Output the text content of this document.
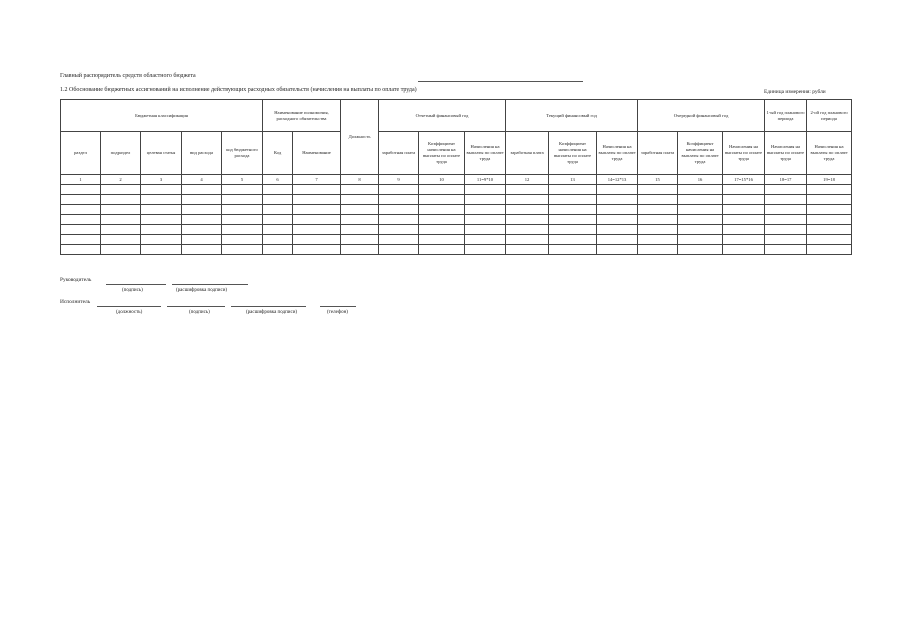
Главный распорядитель средств областного бюджета
1.2 Обоснование бюджетных ассигнований на исполнение действующих расходных обязательств (начисления на выплаты по оплате труда)	Единица измерения: рубли
Бюджетная классификация					Наименование полномочия, расходного обязательства		Должность	Отчетный финансовый год			Текущий финансовый год			Очередной финансовый год			1-ый год планового периода	2-ой год планового периода
раздел	подраздел	целевая статья	вид расхода	код бюджетного расхода	Код	Наименование		заработная плата	Коэффициент начисления на выплаты по оплате труда	Начисления на выплаты по оплате труда	заработная плата	Коэффициент начисления на выплаты по оплате труда	Начисления на выплаты по оплате труда	заработная плата	Коэффициент начисления на выплаты по оплате труда	Начисления на выплаты по оплате труда	Начисления на выплаты по оплате труда	Начисления на выплаты по оплате труда
1	2	3	4	5	6	7	8	9	10	11=9*10	12	13	14=12*13	15	16	17=15*16	18=17	19=18

Руководитель
(подпись)	(расшифровка подписи)
Исполнитель
(должность)	(подпись)	(расшифровка подписи)	(телефон)
